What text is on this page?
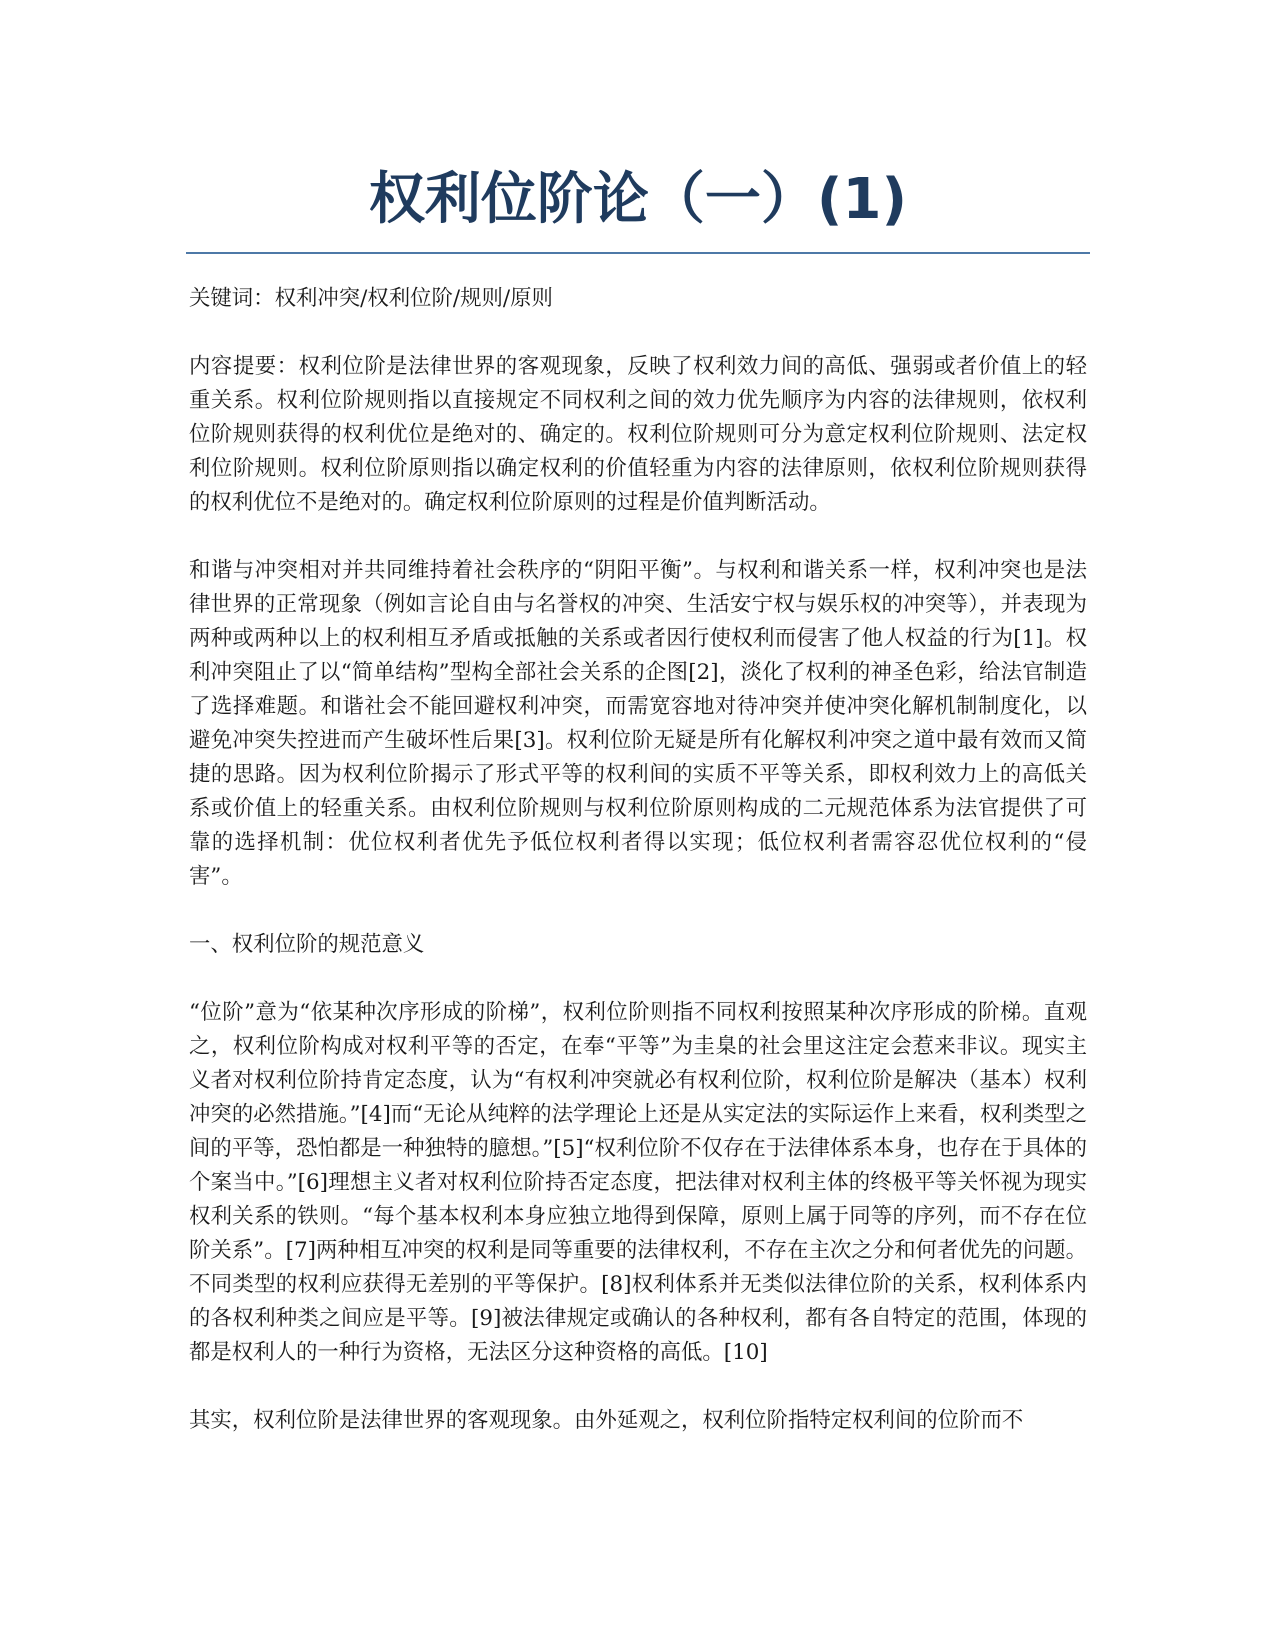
权利位阶论（一）(1)

关键词：权利冲突/权利位阶/规则/原则

内容提要：权利位阶是法律世界的客观现象，反映了权利效力间的高低、强弱或者价值上的轻重关系。权利位阶规则指以直接规定不同权利之间的效力优先顺序为内容的法律规则，依权利位阶规则获得的权利优位是绝对的、确定的。权利位阶规则可分为意定权利位阶规则、法定权利位阶规则。权利位阶原则指以确定权利的价值轻重为内容的法律原则，依权利位阶规则获得的权利优位不是绝对的。确定权利位阶原则的过程是价值判断活动。

和谐与冲突相对并共同维持着社会秩序的“阴阳平衡”。与权利和谐关系一样，权利冲突也是法律世界的正常现象（例如言论自由与名誉权的冲突、生活安宁权与娱乐权的冲突等），并表现为两种或两种以上的权利相互矛盾或抵触的关系或者因行使权利而侵害了他人权益的行为[1]。权利冲突阻止了以“简单结构”型构全部社会关系的企图[2]，淡化了权利的神圣色彩，给法官制造了选择难题。和谐社会不能回避权利冲突，而需宽容地对待冲突并使冲突化解机制制度化，以避免冲突失控进而产生破坏性后果[3]。权利位阶无疑是所有化解权利冲突之道中最有效而又简捷的思路。因为权利位阶揭示了形式平等的权利间的实质不平等关系，即权利效力上的高低关系或价值上的轻重关系。由权利位阶规则与权利位阶原则构成的二元规范体系为法官提供了可靠的选择机制：优位权利者优先予低位权利者得以实现；低位权利者需容忍优位权利的“侵害”。

一、权利位阶的规范意义

“位阶”意为“依某种次序形成的阶梯”，权利位阶则指不同权利按照某种次序形成的阶梯。直观之，权利位阶构成对权利平等的否定，在奉“平等”为圭臬的社会里这注定会惹来非议。现实主义者对权利位阶持肯定态度，认为“有权利冲突就必有权利位阶，权利位阶是解决（基本）权利冲突的必然措施。”[4]而“无论从纯粹的法学理论上还是从实定法的实际运作上来看，权利类型之间的平等，恐怕都是一种独特的臆想。”[5]“权利位阶不仅存在于法律体系本身，也存在于具体的个案当中。”[6]理想主义者对权利位阶持否定态度，把法律对权利主体的终极平等关怀视为现实权利关系的铁则。“每个基本权利本身应独立地得到保障，原则上属于同等的序列，而不存在位阶关系”。[7]两种相互冲突的权利是同等重要的法律权利，不存在主次之分和何者优先的问题。不同类型的权利应获得无差别的平等保护。[8]权利体系并无类似法律位阶的关系，权利体系内的各权利种类之间应是平等。[9]被法律规定或确认的各种权利，都有各自特定的范围，体现的都是权利人的一种行为资格，无法区分这种资格的高低。[10]

其实，权利位阶是法律世界的客观现象。由外延观之，权利位阶指特定权利间的位阶而不
